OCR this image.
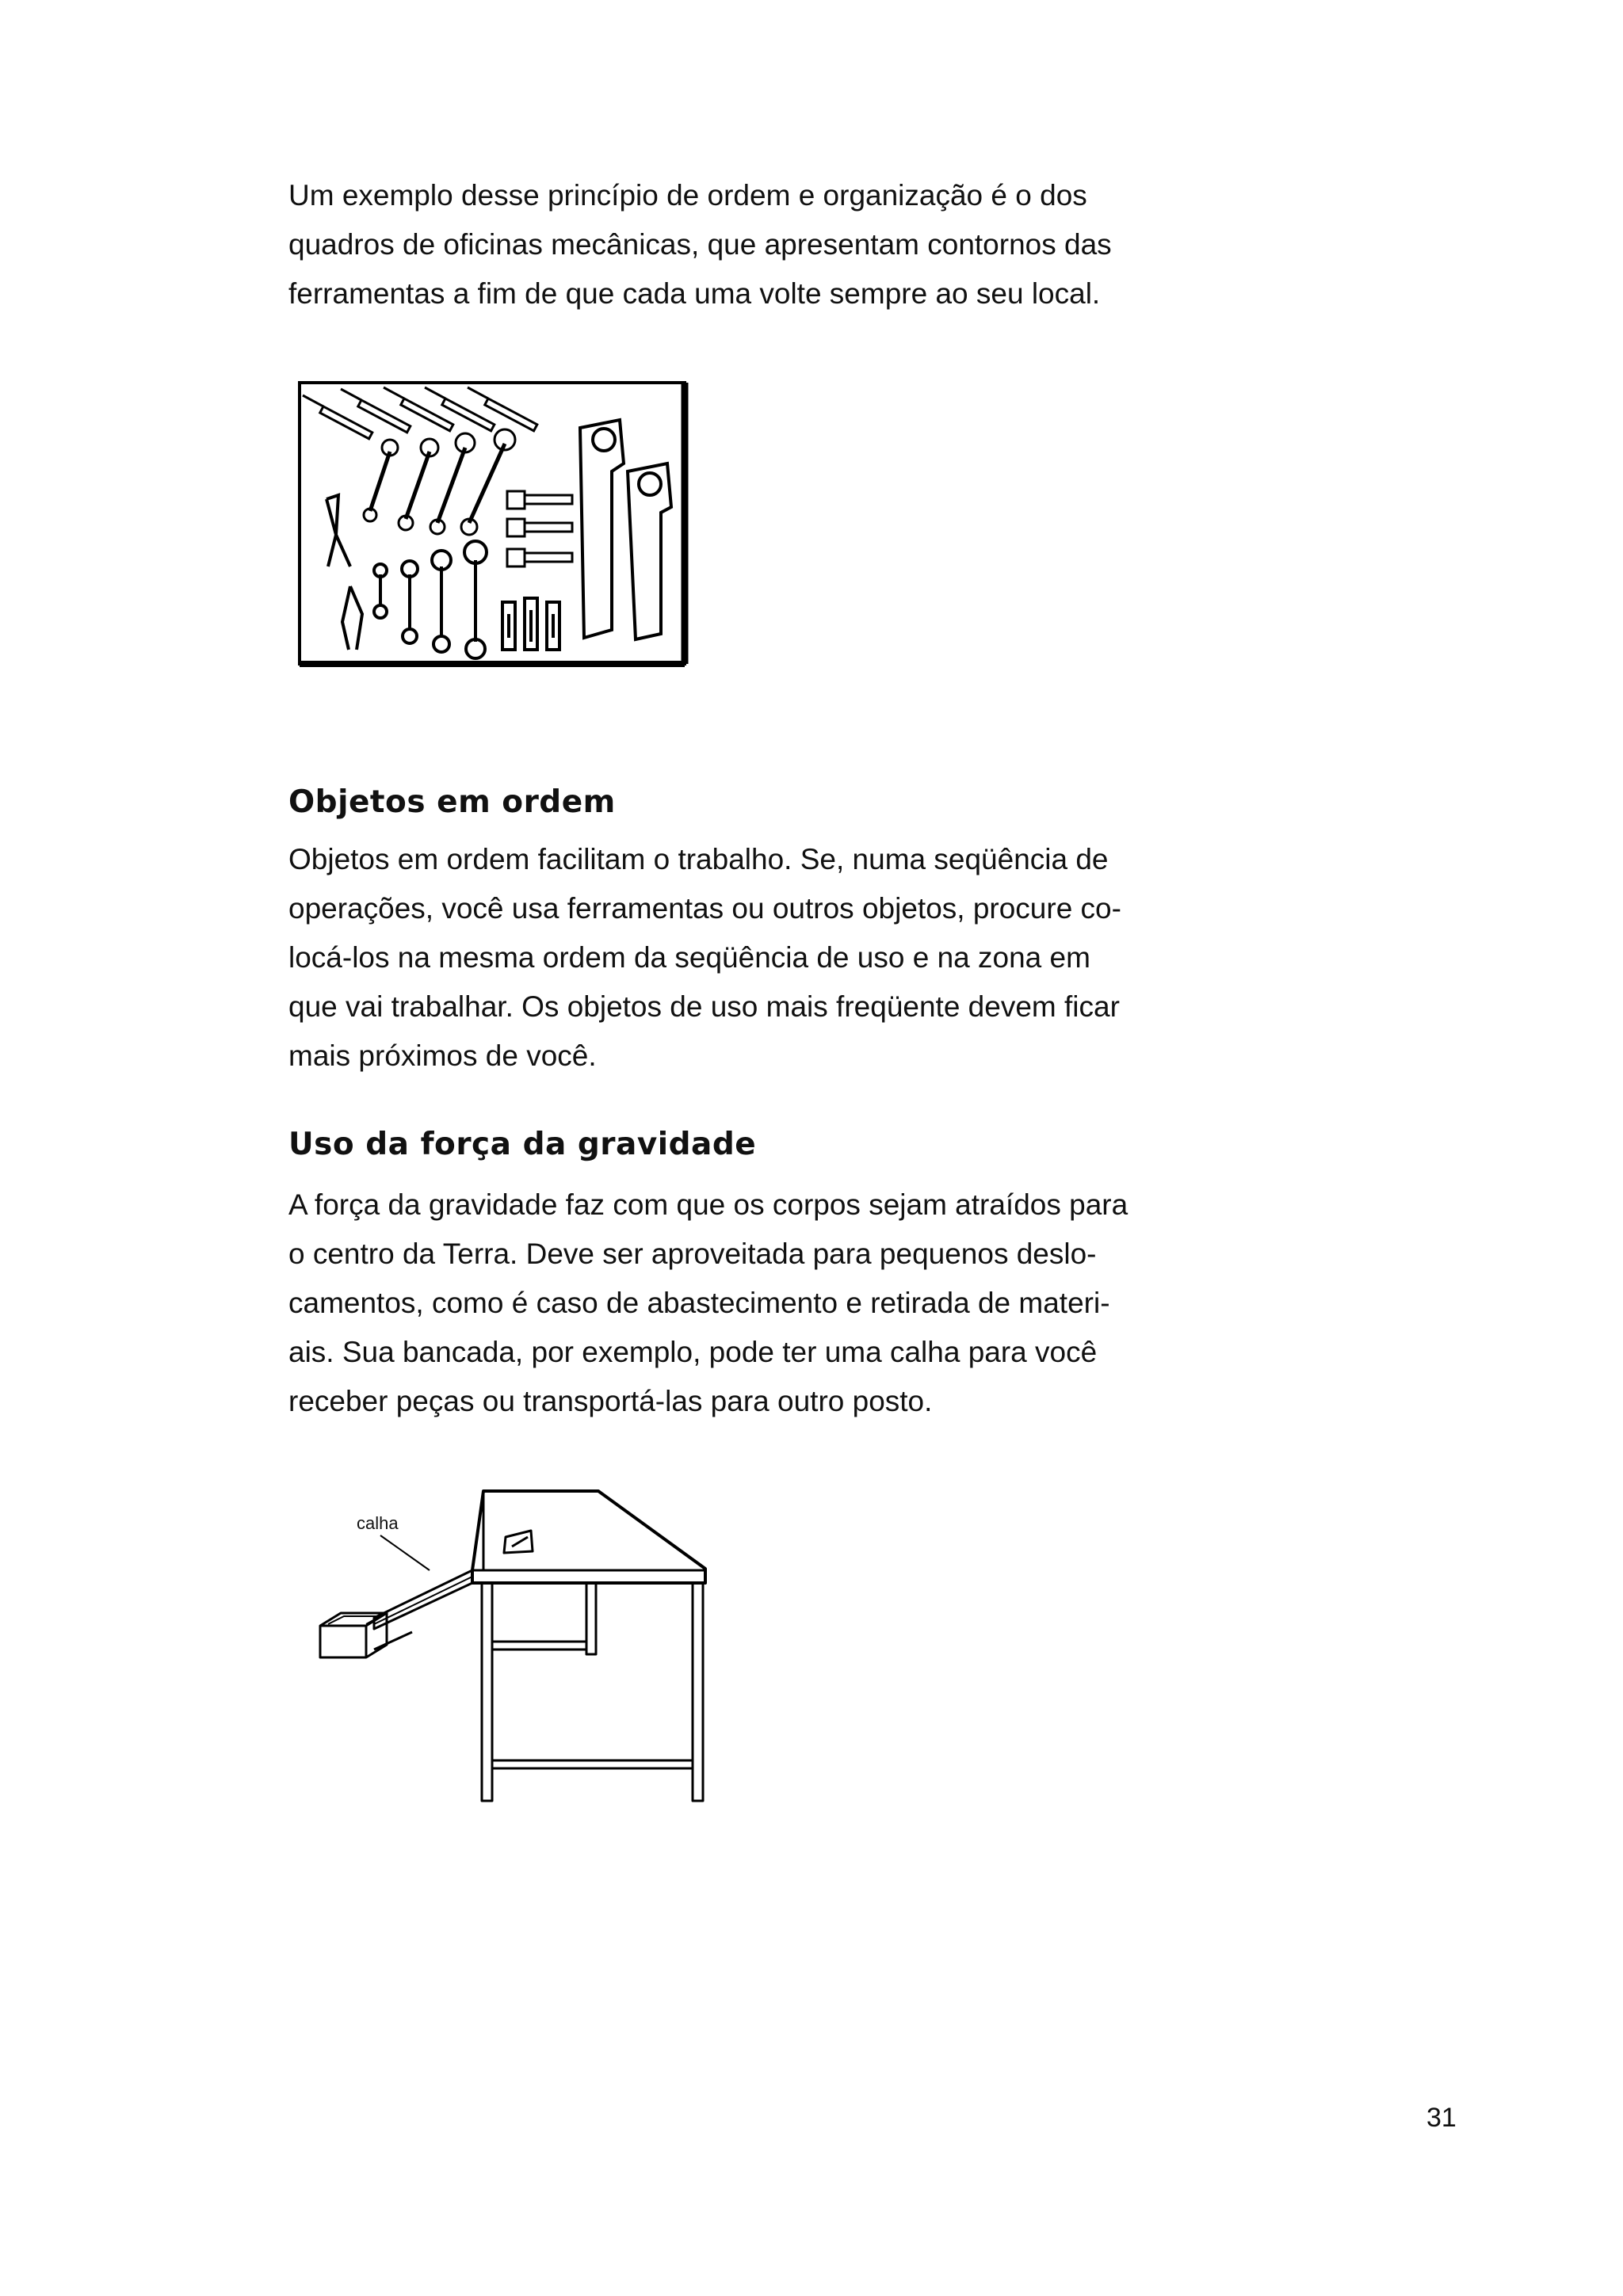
Um exemplo desse princípio de ordem e organização é o dos
quadros de oficinas mecânicas, que apresentam contornos das
ferramentas a fim de que cada uma volte sempre ao seu local.

Objetos em ordem

Objetos em ordem facilitam o trabalho. Se, numa seqüência de
operações, você usa ferramentas ou outros objetos, procure co-
locá-los na mesma ordem da seqüência de uso e na zona em
que vai trabalhar. Os objetos de uso mais freqüente devem ficar
mais próximos de você.

Uso da força da gravidade

A força da gravidade faz com que os corpos sejam atraídos para
o centro da Terra. Deve ser aproveitada para pequenos deslo-
camentos, como é caso de abastecimento e retirada de materi-
ais. Sua bancada, por exemplo, pode ter uma calha para você
receber peças ou transportá-las para outro posto.

calha
31
